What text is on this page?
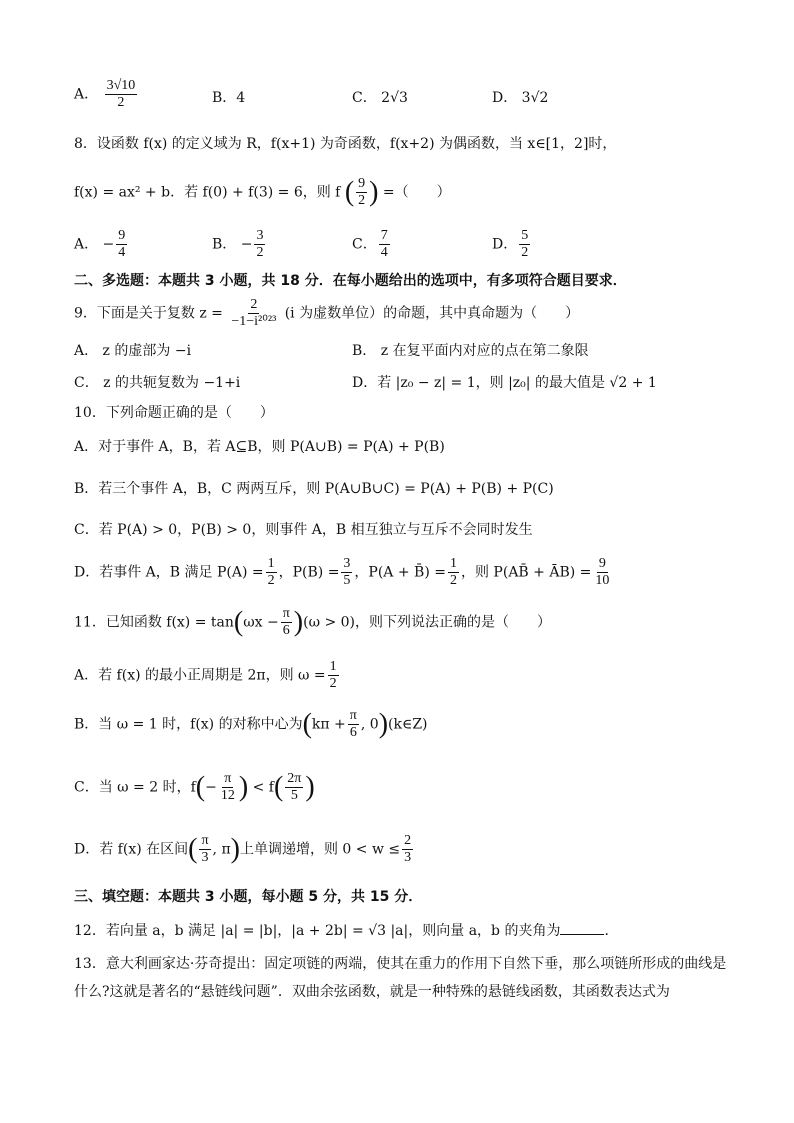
A． $\frac{3√10}{2}$	B．4	C． 2√3	D． 3√2
8．设函数 f(x) 的定义域为 R，f(x+1) 为奇函数，f(x+2) 为偶函数，当 x∈[1，2]时，
f(x) = ax² + b．若 f(0) + f(3) = 6，则 f ( $\frac{9}{2}$ ) =（　　）
A． − $\frac{9}{4}$	B． − $\frac{3}{2}$	C． $\frac{7}{4}$	D． $\frac{5}{2}$
二、多选题：本题共 3 小题，共 18 分．在每小题给出的选项中，有多项符合题目要求．
9．下面是关于复数 $z = \frac{2}{\text{−1−i²⁰²³}} (i$ 为虚数单位）的命题，其中真命题为（　　）
A． z 的虚部为 −i	B． z 在复平面内对应的点在第二象限
C． z 的共轭复数为 −1+i	D．若 |z₀ − z| = 1，则 |z₀| 的最大值是 √2 + 1
10．下列命题正确的是（　　）
A．对于事件 A，B，若 A⊆B，则 P(A∪B) = P(A) + P(B)
B．若三个事件 A，B，C 两两互斥，则 P(A∪B∪C) = P(A) + P(B) + P(C)
C．若 P(A) > 0，P(B) > 0，则事件 A，B 相互独立与互斥不会同时发生
D．若事件 A，B 满足 $P(A) = \frac{1}{2}$ ，$P(B) = \frac{3}{5}$ ，P(A + B̄) = $\frac{1}{2}$ ，则 P(AB̄ + ĀB) = $\frac{9}{10}$
11．已知函数 $f(x) = \tan(\omega x - \frac{\pi}{6} )(\omega > 0)$，则下列说法正确的是（　　）
A．若 f(x) 的最小正周期是 2π，则 $\omega = \frac{1}{2}$
B．当 ω = 1 时，f(x) 的对称中心为($k\pi + \frac{\pi}{6}$ , 0)(k∈Z)
C．当 ω = 2 时，$f(- \frac{\pi}{12}$ ) < $f( \frac{2\pi}{5}$ )
D．若 f(x) 在区间( $\frac{\pi}{3}$ , π)上单调递增，则 $0 < w \le \frac{2}{3}$
三、填空题：本题共 3 小题，每小题 5 分，共 15 分．
12．若向量 a，b 满足 |a| = |b|，|a + 2b| = √3 |a|，则向量 a，b 的夹角为	．
13．意大利画家达·芬奇提出：固定项链的两端，使其在重力的作用下自然下垂，那么项链所形成的曲线是
什么?这就是著名的“悬链线问题”．双曲余弦函数，就是一种特殊的悬链线函数，其函数表达式为
